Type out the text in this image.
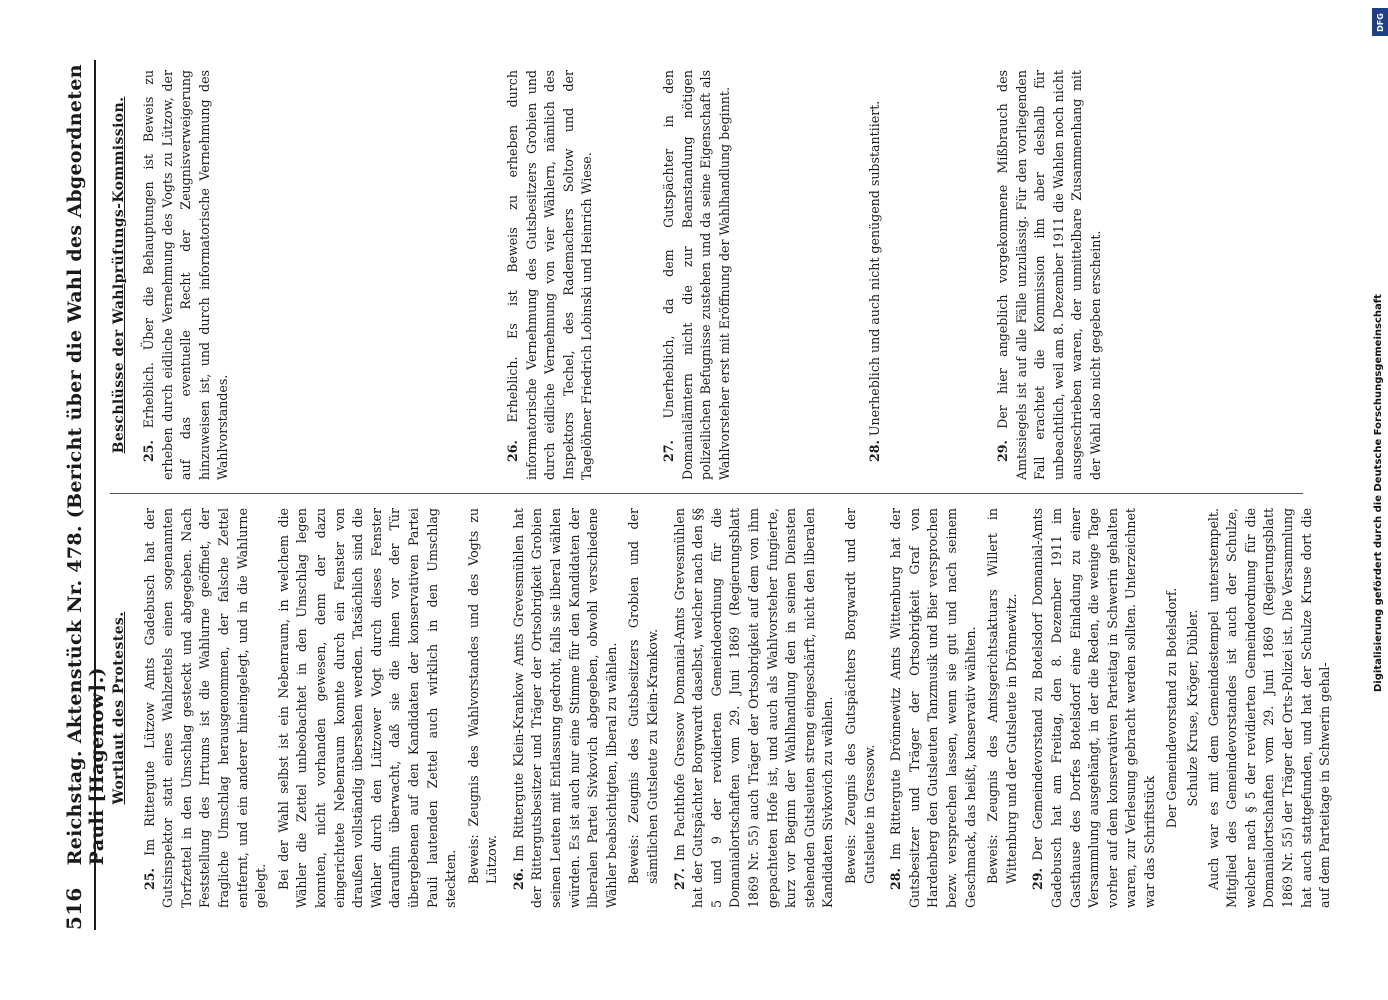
516
Reichstag. Aktenstück Nr. 478. (Bericht über die Wahl des Abgeordneten Pauli [Hagenow].) Wortlaut des Protestes.

25. Im Rittergute Lützow Amts Gadebusch hat der Gutsinspektor statt eines Wahlzettels einen sogenannten Torfzettel in den Umschlag gesteckt und abgegeben. Nach Feststellung des Irrtums ist die Wahlurne geöffnet, der fragliche Umschlag herausgenommen, der falsche Zettel entfernt, und ein anderer hineingelegt, und in die Wahlurne gelegt. Bei der Wahl selbst ist ein Nebenraum, in welchem die Wähler die Zettel unbeobachtet in den Umschlag legen konnten, nicht vorhanden gewesen, denn der dazu eingerichtete Nebenraum konnte durch ein Fenster von draußen vollständig übersehen werden. Tatsächlich sind die Wähler durch den Lützower Vogt durch dieses Fenster daraufhin überwacht, daß sie die ihnen vor der Tür übergebenen auf den Kandidaten der konservativen Partei Pauli lautenden Zettel auch wirklich in den Umschlag steckten. Beweis: Zeugnis des Wahlvorstandes und des Vogts zu Lützow. 26. Im Rittergute Klein-Krankow Amts Grevesmühlen hat der Rittergutsbesitzer und Träger der Ortsobrigkeit Grobien seinen Leuten mit Entlassung gedroht, falls sie liberal wählen würden. Es ist auch nur eine Stimme für den Kandidaten der liberalen Partei Sivkovich abgegeben, obwohl verschiedene Wähler beabsichtigten, liberal zu wählen. Beweis: Zeugnis des Gutsbesitzers Grobien und der sämtlichen Gutsleute zu Klein-Krankow. 27. Im Pachthofe Gressow Domanial-Amts Grevesmühlen hat der Gutspächter Borgwardt daselbst, welcher nach den §§ 5 und 9 der revidierten Gemeindeordnung für die Domanialortschaften vom 29. Juni 1869 (Regierungsblatt 1869 Nr. 55) auch Träger der Ortsobrigkeit auf dem von ihm gepachteten Hofe ist, und auch als Wahlvorsteher fungierte, kurz vor Beginn der Wahlhandlung den in seinen Diensten stehenden Gutsleuten streng eingeschärft, nicht den liberalen Kandidaten Sivkovich zu wählen. Beweis: Zeugnis des Gutspächters Borgwardt und der Gutsleute in Gressow. 28. Im Rittergute Drönnewitz Amts Wittenburg hat der Gutsbesitzer und Träger der Ortsobrigkeit Graf von Hardenberg den Gutsleuten Tanzmusik und Bier versprochen bezw. versprechen lassen, wenn sie gut und nach seinem Geschmack, das heißt, konservativ wählten. Beweis: Zeugnis des Amtsgerichtsaktuars Willert in Wittenburg und der Gutsleute in Drönnewitz. 29. Der Gemeindevorstand zu Botelsdorf Domanial-Amts Gadebusch hat am Freitag, den 8. Dezember 1911 im Gasthause des Dorfes Botelsdorf eine Einladung zu einer Versammlung ausgehängt, in der die Reden, die wenige Tage vorher auf dem konservativen Parteitag in Schwerin gehalten waren, zur Verlesung gebracht werden sollten. Unterzeichnet war das Schriftstück

Der Gemeindevorstand zu Botelsdorf. Schulze Kruse, Kröger, Dübler. Auch war es mit dem Gemeindestempel unterstempelt. Mitglied des Gemeindevorstandes ist auch der Schulze, welcher nach § 5 der revidierten Gemeindeordnung für die Domanialortschaften vom 29. Juni 1869 (Regierungsblatt 1869 Nr. 55) der Träger der Orts-Polizei ist. Die Versammlung hat auch stattgefunden, und hat der Schulze Kruse dort die auf dem Parteitage in Schwerin gehal-

Beschlüsse der Wahlprüfungs-Kommission. 25. Erheblich. Über die Behauptungen ist Beweis zu erheben durch eidliche Vernehmung des Vogts zu Lützow, der auf das eventuelle Recht der Zeugnisverweigerung hinzuweisen ist, und durch informatorische Vernehmung des Wahlvorstandes.	26. Erheblich. Es ist Beweis zu erheben durch informatorische Vernehmung des Gutsbesitzers Grobien und durch eidliche Vernehmung von vier Wählern, nämlich des Inspektors Techel, des Rademachers Soltow und der Tagelöhner Friedrich Lobinski und Heinrich Wiese.	27. Unerheblich, da dem Gutspächter in den Domanialämtern nicht die zur Beanstandung nötigen polizeilichen Befugnisse zustehen und da seine Eigenschaft als Wahlvorsteher erst mit Eröffnung der Wahlhandlung beginnt.	28. Unerheblich und auch nicht genügend substantiiert.

29. Der hier angeblich vorgekommene Mißbrauch des Amtssiegels ist auf alle Fälle unzulässig. Für den vorliegenden Fall erachtet die Kommission ihn aber deshalb für unbeachtlich, weil am 8. Dezember 1911 die Wahlen noch nicht ausgeschrieben waren, der unmittelbare Zusammenhang mit der Wahl also nicht gegeben erscheint.

DFG
Digitalisierung gefördert durch die Deutsche Forschungsgemeinschaft
